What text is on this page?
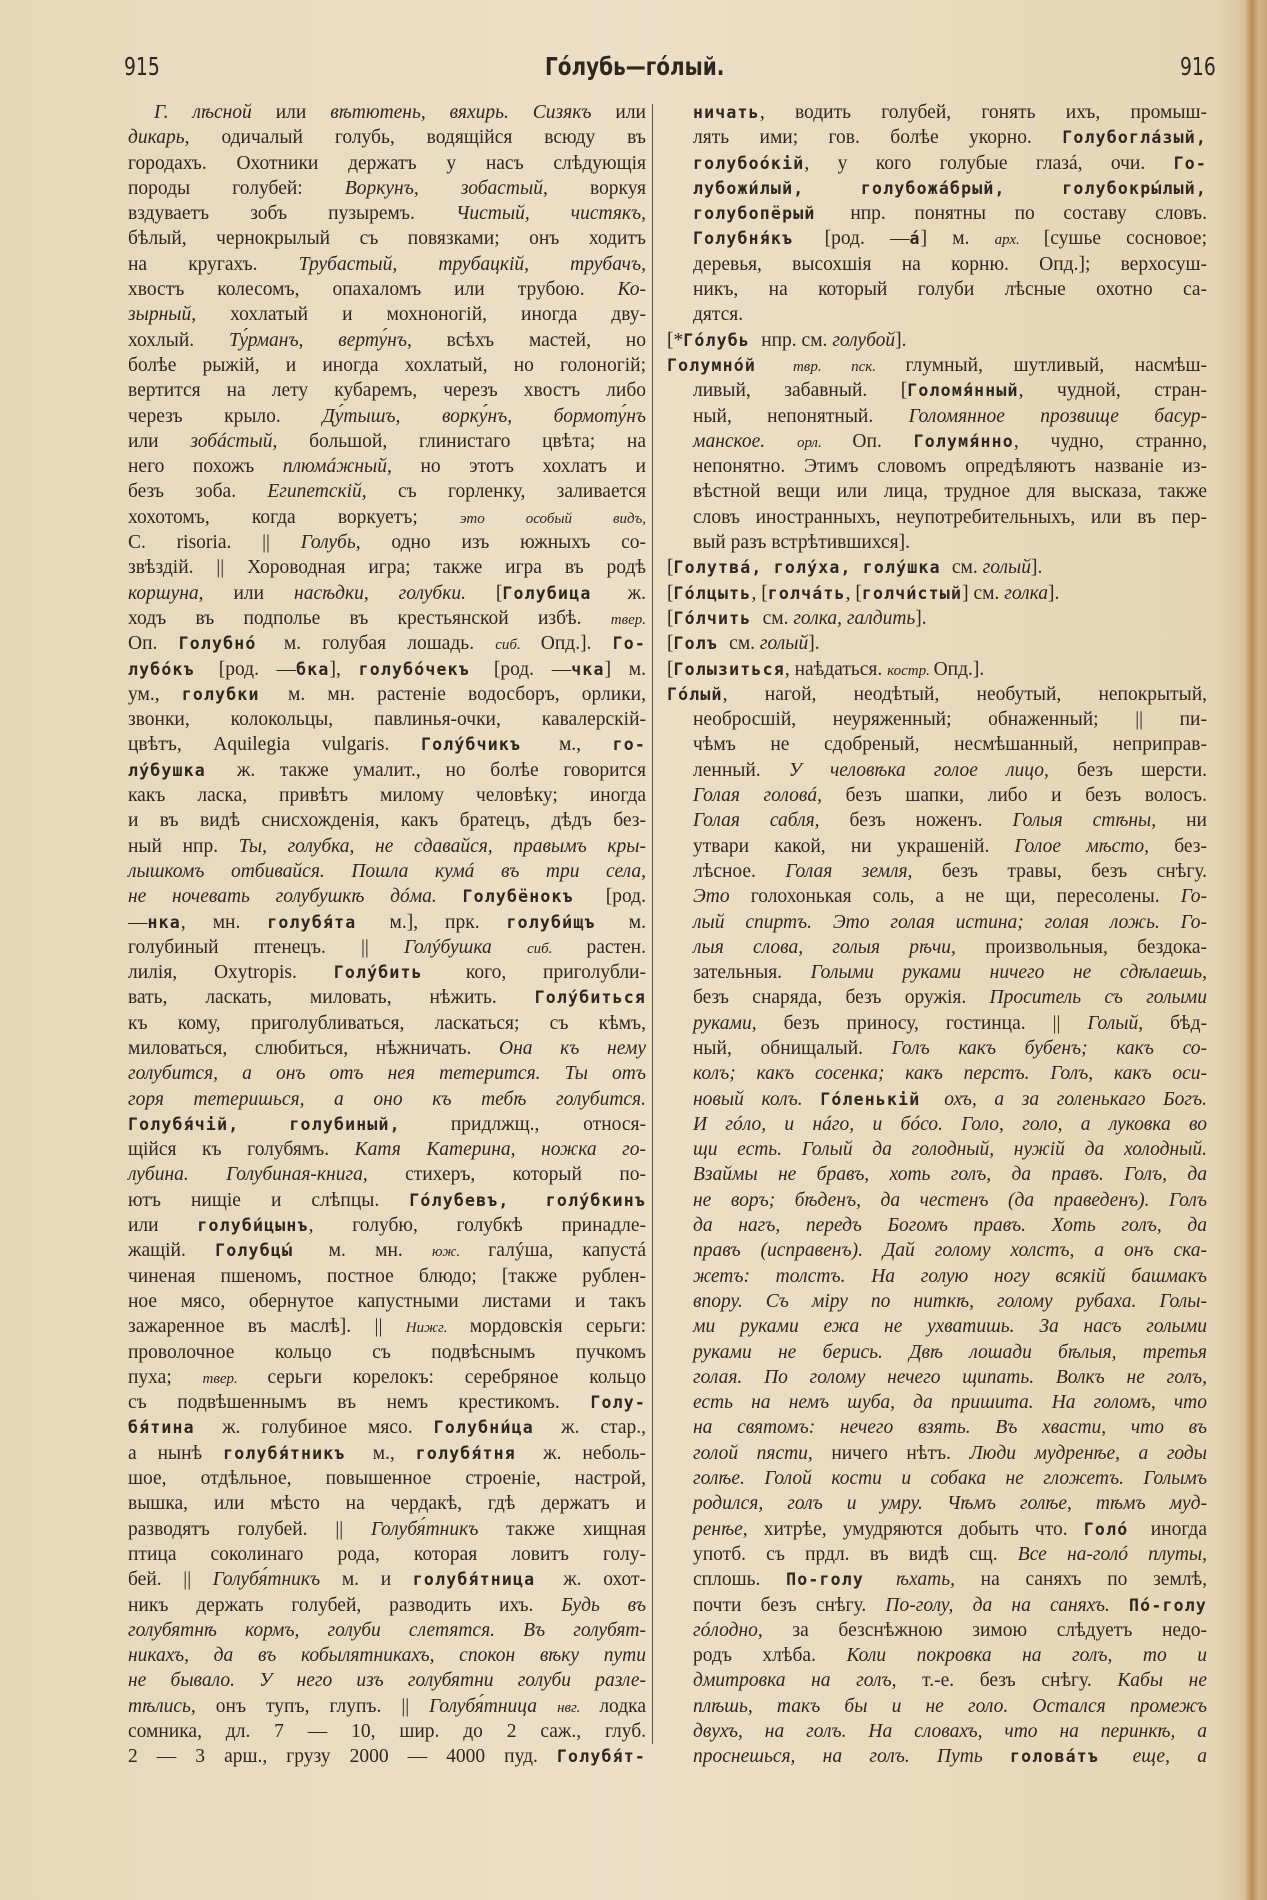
915	Го́лубь—го́лый.	916
Г. лѣсной или вѣтютень, вяхирь. Сизякъ или
дикарь, одичалый голубь, водящійся всюду въ
городахъ. Охотники держатъ у насъ слѣдующія
породы голубей: Воркунъ, зобастый, воркуя
вздуваетъ зобъ пузыремъ. Чистый, чистякъ,
бѣлый, чернокрылый съ повязками; онъ ходитъ
на кругахъ. Трубастый, трубацкій, трубачъ,
хвостъ колесомъ, опахаломъ или трубою. Ко-
зырный, хохлатый и мохноногій, иногда дву-
хохлый. Ту́рманъ, верту́нъ, всѣхъ мастей, но
болѣе рыжій, и иногда хохлатый, но голоногій;
вертится на лету кубаремъ, черезъ хвостъ либо
черезъ крыло. Ду́тышъ, ворку́нъ, бормоту́нъ
или зобáстый, большой, глинистаго цвѣта; на
него похожъ плюмáжный, но этотъ хохлатъ и
безъ зоба. Египетскій, съ горленку, заливается
хохотомъ, когда воркуетъ; это особый видъ,
C. risoria. || Голубь, одно изъ южныхъ со-
звѣздій. || Хороводная игра; также игра въ родѣ
коршуна, или насѣдки, голубки. [Голубица ж.
ходъ въ подполье въ крестьянской избѣ. твер.
Оп. Голубнó м. голубая лошадь. сиб. Опд.]. Го-
лубóкъ [род. —бка], голубóчекъ [род. —чка] м.
ум., голубки м. мн. растеніе водосборъ, орлики,
звонки, колокольцы, павлинья-очки, кавалерскій-
цвѣтъ, Aquilegia vulgaris. Голýбчикъ м., го-
лýбушка ж. также умалит., но болѣе говорится
какъ ласка, привѣтъ милому человѣку; иногда
и въ видѣ снисхожденія, какъ братецъ, дѣдъ без-
ный нпр. Ты, голубка, не сдавайся, правымъ кры-
лышкомъ отбивайся. Пошла кумá въ три села,
не ночевать голубушкѣ дóма. Голубёнокъ [род.
—нка, мн. голубя́та м.], прк. голуби́щъ м.
голубиный птенецъ. || Голýбушка сиб. растен.
лилія, Oxytropis. Голýбить кого, приголубли-
вать, ласкать, миловать, нѣжить. Голýбиться
къ кому, приголубливаться, ласкаться; съ кѣмъ,
миловаться, слюбиться, нѣжничать. Она къ нему
голубится, а онъ отъ нея тетерится. Ты отъ
горя тетеришься, а оно къ тебѣ голубится.
Голубя́чій, голубиный, придлжщ., относя-
щійся къ голубямъ. Катя Катерина, ножка го-
лубина. Голубиная-книга, стихеръ, который по-
ютъ нищіе и слѣпцы. Гóлубевъ, голýбкинъ
или голуби́цынъ, голубю, голубкѣ принадле-
жащій. Голубцы́ м. мн. юж. галýша, капустá
чиненая пшеномъ, постное блюдо; [также рублен-
ное мясо, обернутое капустными листами и такъ
зажаренное въ маслѣ]. || Нижг. мордовскія серьги:
проволочное кольцо съ подвѣснымъ пучкомъ
пуха; твер. серьги корелокъ: серебряное кольцо
съ подвѣшеннымъ въ немъ крестикомъ. Голу-
бя́тина ж. голубиное мясо. Голубни́ца ж. стар.,
а нынѣ голубя́тникъ м., голубя́тня ж. неболь-
шое, отдѣльное, повышенное строеніе, настрой,
вышка, или мѣсто на чердакѣ, гдѣ держатъ и
разводятъ голубей. || Голубя́тникъ также хищная
птица соколинаго рода, которая ловитъ голу-
бей. || Голубя́тникъ м. и голубя́тница ж. охот-
никъ держать голубей, разводить ихъ. Будь въ
голубятнѣ кормъ, голуби слетятся. Въ голубят-
никахъ, да въ кобылятникахъ, спокон вѣку пути
не бывало. У него изъ голубятни голуби разле-
тѣлись, онъ тупъ, глупъ. || Голубя́тница нвг. лодка
сомника, дл. 7 — 10, шир. до 2 саж., глуб.
2 — 3 арш., грузу 2000 — 4000 пуд. Голубя́т-
ничать, водить голубей, гонять ихъ, промыш-
лять ими; гов. болѣе укорно. Голубогла́зый,
голубоóкій, у кого голубые глазá, очи. Го-
лубожи́лый, голубожа́брый, голубокры́лый,
голубопёрый нпр. понятны по составу словъ.
Голубня́къ [род. —á] м. арх. [сушье сосновое;
деревья, высохшія на корню. Опд.]; верхосуш-
никъ, на который голуби лѣсные охотно са-
дятся.
[*Гóлубь нпр. см. голубой].
Голумнóй твр. пск. глумный, шутливый, насмѣш-
ливый, забавный. [Голомя́нный, чудной, стран-
ный, непонятный. Голомянное прозвище басур-
манское. орл. Оп. Голумя́нно, чудно, странно,
непонятно. Этимъ словомъ опредѣляютъ названіе из-
вѣстной вещи или лица, трудное для высказа, также
словъ иностранныхъ, неупотребительныхъ, или въ пер-
вый разъ встрѣтившихся].
[Голутвá, голýха, голýшка см. голый].
[Гóлцыть, [голчáть, [голчи́стый] см. голка].
[Гóлчить см. голка, галдить].
[Голъ см. голый].
[Голызиться, наѣдаться. костр. Опд.].
Гóлый, нагой, неодѣтый, необутый, непокрытый,
необросшій, неуряженный; обнаженный; || пи-
чѣмъ не сдобреный, несмѣшанный, неприправ-
ленный. У человѣка голое лицо, безъ шерсти.
Голая головá, безъ шапки, либо и безъ волосъ.
Голая сабля, безъ ноженъ. Голыя стѣны, ни
утвари какой, ни украшеній. Голое мѣсто, без-
лѣсное. Голая земля, безъ травы, безъ снѣгу.
Это голохонькая соль, а не щи, пересолены. Го-
лый спиртъ. Это голая истина; голая ложь. Го-
лыя слова, голыя рѣчи, произвольныя, бездока-
зательныя. Голыми руками ничего не сдѣлаешь,
безъ снаряда, безъ оружія. Проситель съ голыми
руками, безъ приносу, гостинца. || Голый, бѣд-
ный, обнищалый. Голъ какъ бубенъ; какъ со-
колъ; какъ сосенка; какъ перстъ. Голъ, какъ оси-
новый колъ. Гóленькій охъ, а за голенькаго Богъ.
И гóло, и нáго, и бóсо. Голо, голо, а луковка во
щи есть. Голый да голодный, нужій да холодный.
Взаймы не бравъ, хоть голъ, да правъ. Голъ, да
не воръ; бѣденъ, да честенъ (да праведенъ). Голъ
да нагъ, передъ Богомъ правъ. Хоть голъ, да
правъ (исправенъ). Дай голому холстъ, а онъ ска-
жетъ: толстъ. На голую ногу всякій башмакъ
впору. Съ міру по ниткѣ, голому рубаха. Голы-
ми руками ежа не ухватишь. За насъ голыми
руками не берись. Двѣ лошади бѣлыя, третья
голая. По голому нечего щипать. Волкъ не голъ,
есть на немъ шуба, да пришита. На голомъ, что
на святомъ: нечего взять. Въ хвасти, что въ
голой пясти, ничего нѣтъ. Люди мудренѣе, а годы
голѣе. Голой кости и собака не гложетъ. Голымъ
родился, голъ и умру. Чѣмъ голѣе, тѣмъ муд-
ренѣе, хитрѣе, умудряются добыть что. Голó иногда
употб. съ прдл. въ видѣ сщ. Все на-голó плуты,
сплошь. По-голу ѣхать, на саняхъ по землѣ,
почти безъ снѣгу. По-голу, да на саняхъ. Пó-голу
гóлодно, за безснѣжною зимою слѣдуетъ недо-
родъ хлѣба. Коли покровка на голъ, то и
дмитровка на голъ, т.-е. безъ снѣгу. Кабы не
плѣшь, такъ бы и не голо. Остался промежъ
двухъ, на голъ. На словахъ, что на перинкѣ, а
проснешься, на голъ. Путь головáтъ еще, а
